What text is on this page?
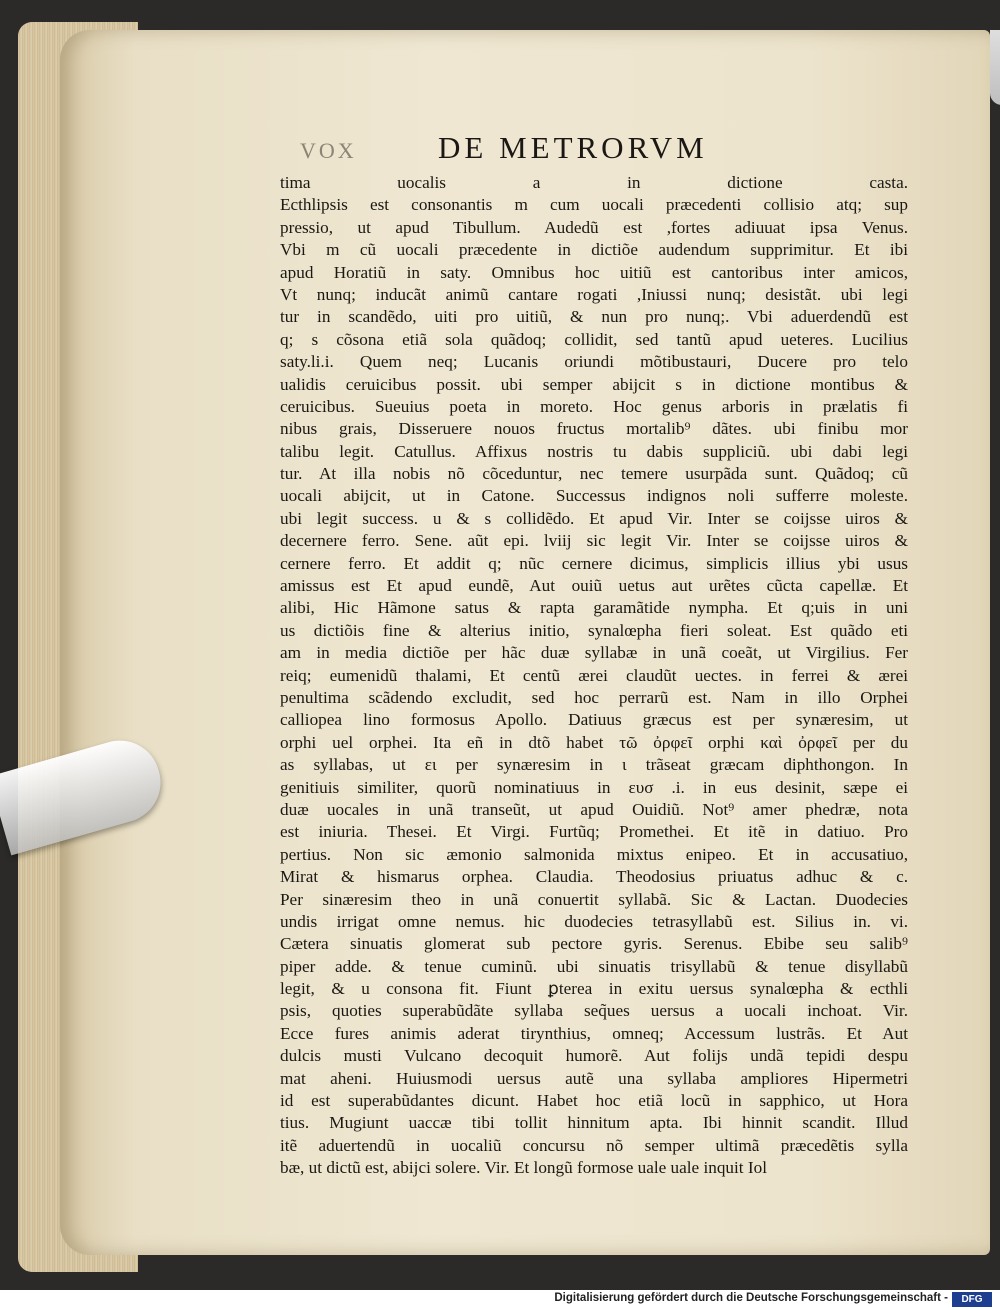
VOX	DE METRORVM
tima uocalis a in dictione casta.
Ecthlipsis est consonantis m cum uocali præcedenti collisio atq; sup
pressio, ut apud Tibullum. Audedũ est ,fortes adiuuat ipsa Venus.
Vbi m cũ uocali præcedente in dictiõe audendum supprimitur. Et ibi
apud Horatiũ in saty. Omnibus hoc uitiũ est cantoribus inter amicos,
Vt nunq; inducãt animũ cantare rogati ,Iniussi nunq; desistãt. ubi legi
tur in scandẽdo, uiti pro uitiũ, & nun pro nunq;. Vbi aduerdendũ est
q; s cõsona etiã sola quãdoq; collidit, sed tantũ apud ueteres. Lucilius
saty.li.i. Quem neq; Lucanis oriundi mõtibustauri, Ducere pro telo
ualidis ceruicibus possit. ubi semper abijcit s in dictione montibus &
ceruicibus. Sueuius poeta in moreto. Hoc genus arboris in prælatis fi
nibus grais, Disseruere nouos fructus mortalib⁹ dãtes. ubi finibu mor
talibu legit. Catullus. Affixus nostris tu dabis suppliciũ. ubi dabi legi
tur. At illa nobis nõ cõceduntur, nec temere usurpãda sunt. Quãdoq; cũ
uocali abijcit, ut in Catone. Successus indignos noli sufferre moleste.
ubi legit success. u & s collidẽdo. Et apud Vir. Inter se coijsse uiros &
decernere ferro. Sene. aũt epi. lviij sic legit Vir. Inter se coijsse uiros &
cernere ferro. Et addit q; nũc cernere dicimus, simplicis illius ybi usus
amissus est Et apud eundẽ, Aut ouiũ uetus aut urẽtes cũcta capellæ. Et
alibi, Hic Hãmone satus & rapta garamãtide nympha. Et q;uis in uni
us dictiõis fine & alterius initio, synalœpha fieri soleat. Est quãdo eti
am in media dictiõe per hãc duæ syllabæ in unã coeãt, ut Virgilius. Fer
reiq; eumenidũ thalami, Et centũ ærei claudũt uectes. in ferrei & ærei
penultima scãdendo excludit, sed hoc perrarũ est. Nam in illo Orphei
calliopea lino formosus Apollo. Datiuus græcus est per synæresim, ut
orphi uel orphei. Ita eñ in dtõ habet τῶ ὀρφεῖ orphi καὶ ὀρφεῖ per du
as syllabas, ut ει per synæresim in ι trãseat græcam diphthongon. In
genitiuis similiter, quorũ nominatiuus in ευσ .i. in eus desinit, sæpe ei
duæ uocales in unã transeũt, ut apud Ouidiũ. Not⁹ amer phedræ, nota
est iniuria. Thesei. Et Virgi. Furtũq; Promethei. Et itẽ in datiuo. Pro
pertius. Non sic æmonio salmonida mixtus enipeo. Et in accusatiuo,
Mirat & hismarus orphea. Claudia. Theodosius priuatus adhuc & c.
Per sinæresim theo in unã conuertit syllabã. Sic & Lactan. Duodecies
undis irrigat omne nemus. hic duodecies tetrasyllabũ est. Silius in. vi.
Cætera sinuatis glomerat sub pectore gyris. Serenus. Ebibe seu salib⁹
piper adde. & tenue cuminũ. ubi sinuatis trisyllabũ & tenue disyllabũ
legit, & u consona fit. Fiunt ꝑterea in exitu uersus synalœpha & ecthli
psis, quoties superabũdãte syllaba seq̃ues uersus a uocali inchoat. Vir.
Ecce fures animis aderat tirynthius, omneq; Accessum lustrãs. Et Aut
dulcis musti Vulcano decoquit humorẽ. Aut folijs undã tepidi despu
mat aheni. Huiusmodi uersus autẽ una syllaba ampliores Hipermetri
id est superabũdantes dicunt. Habet hoc etiã locũ in sapphico, ut Hora
tius. Mugiunt uaccæ tibi tollit hinnitum apta. Ibi hinnit scandit. Illud
itẽ aduertendũ in uocaliũ concursu nõ semper ultimã præcedẽtis sylla
bæ, ut dictũ est, abijci solere. Vir. Et longũ formose uale uale inquit Iol
Digitalisierung gefördert durch die Deutsche Forschungsgemeinschaft -	DFG
